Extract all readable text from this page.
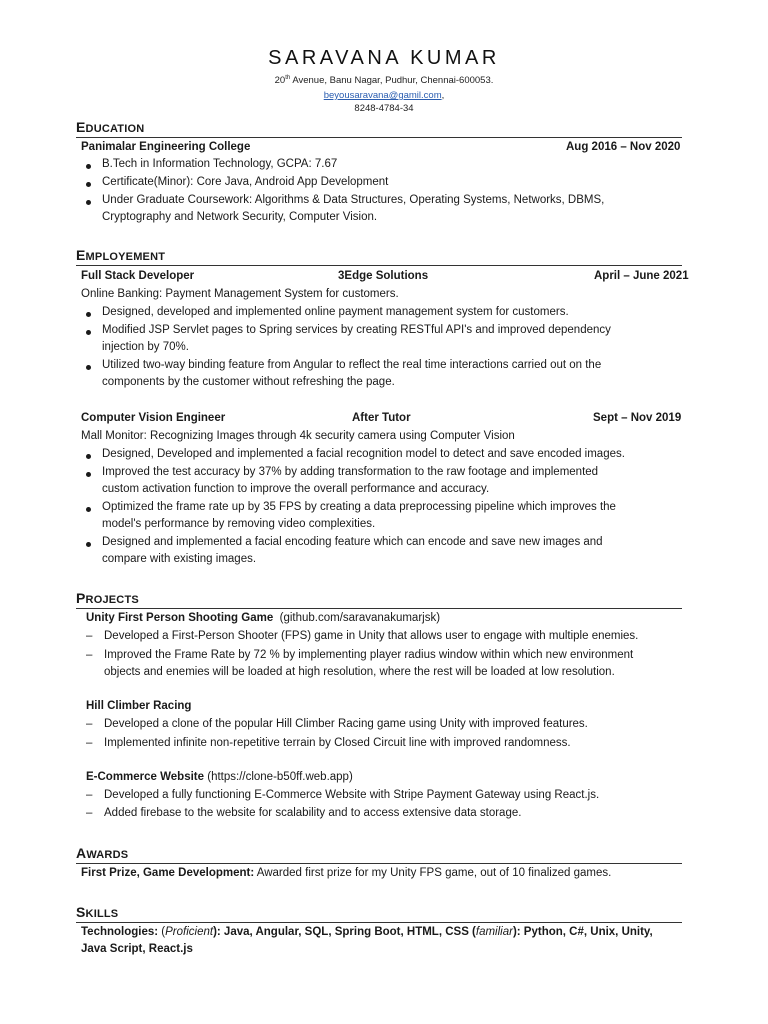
SARAVANA KUMAR
20th Avenue, Banu Nagar, Pudhur, Chennai-600053.
beyousaravana@gamil.com,
8248-4784-34
EDUCATION
Panimalar Engineering College	Aug 2016 – Nov 2020
B.Tech in Information Technology, GCPA: 7.67
Certificate(Minor): Core Java, Android App Development
Under Graduate Coursework: Algorithms & Data Structures, Operating Systems, Networks, DBMS,
Cryptography and Network Security, Computer Vision.
EMPLOYEMENT
Full Stack Developer	3Edge Solutions	April – June 2021
Online Banking: Payment Management System for customers.
Designed, developed and implemented online payment management system for customers.
Modified JSP Servlet pages to Spring services by creating RESTful API's and improved dependency
injection by 70%.
Utilized two-way binding feature from Angular to reflect the real time interactions carried out on the
components by the customer without refreshing the page.
Computer Vision Engineer	After Tutor	Sept – Nov 2019
Mall Monitor: Recognizing Images through 4k security camera using Computer Vision
Designed, Developed and implemented a facial recognition model to detect and save encoded images.
Improved the test accuracy by 37% by adding transformation to the raw footage and implemented
custom activation function to improve the overall performance and accuracy.
Optimized the frame rate up by 35 FPS by creating a data preprocessing pipeline which improves the
model's performance by removing video complexities.
Designed and implemented a facial encoding feature which can encode and save new images and
compare with existing images.
PROJECTS
Unity First Person Shooting Game (github.com/saravanakumarjsk)
– Developed a First-Person Shooter (FPS) game in Unity that allows user to engage with multiple enemies.
– Improved the Frame Rate by 72 % by implementing player radius window within which new environment
objects and enemies will be loaded at high resolution, where the rest will be loaded at low resolution.
Hill Climber Racing
– Developed a clone of the popular Hill Climber Racing game using Unity with improved features.
– Implemented infinite non-repetitive terrain by Closed Circuit line with improved randomness.
E-Commerce Website (https://clone-b50ff.web.app)
– Developed a fully functioning E-Commerce Website with Stripe Payment Gateway using React.js.
– Added firebase to the website for scalability and to access extensive data storage.
AWARDS
First Prize, Game Development: Awarded first prize for my Unity FPS game, out of 10 finalized games.
SKILLS
Technologies: (Proficient): Java, Angular, SQL, Spring Boot, HTML, CSS (familiar): Python, C#, Unix, Unity,
Java Script, React.js
